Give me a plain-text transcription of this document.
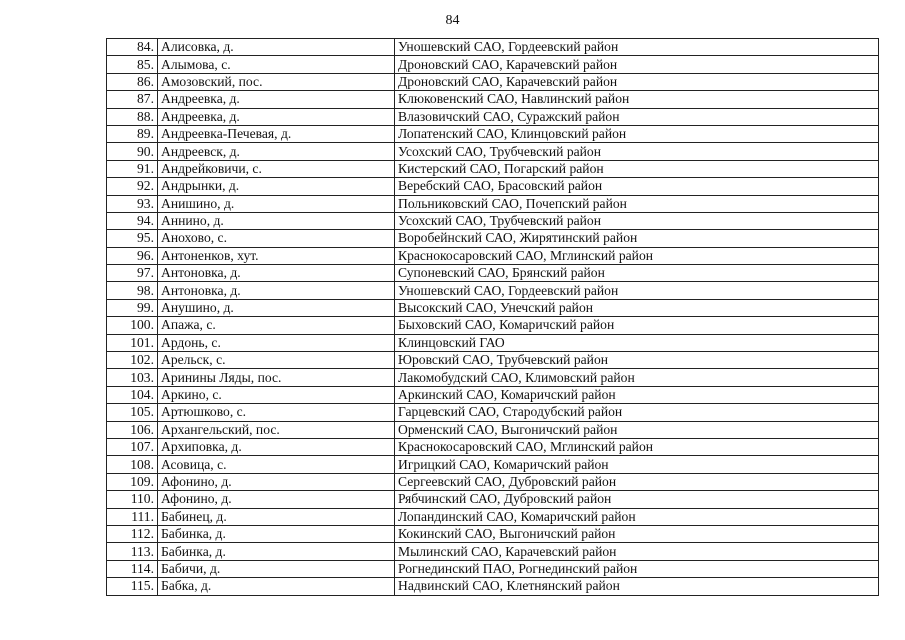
84
84.	Алисовка, д.	Уношевский САО, Гордеевский район
85.	Алымова, с.	Дроновский САО, Карачевский район
86.	Амозовский, пос.	Дроновский САО, Карачевский район
87.	Андреевка, д.	Клюковенский САО, Навлинский район
88.	Андреевка, д.	Влазовичский САО, Суражский район
89.	Андреевка-Печевая, д.	Лопатенский САО, Клинцовский район
90.	Андреевск, д.	Усохский САО, Трубчевский район
91.	Андрейковичи, с.	Кистерский САО, Погарский район
92.	Андрынки, д.	Веребский САО, Брасовский район
93.	Анишино, д.	Польниковский САО, Почепский район
94.	Аннино, д.	Усохский САО, Трубчевский район
95.	Анохово, с.	Воробейнский САО, Жирятинский район
96.	Антоненков, хут.	Краснокосаровский САО, Мглинский район
97.	Антоновка, д.	Супоневский САО, Брянский район
98.	Антоновка, д.	Уношевский САО, Гордеевский район
99.	Анушино, д.	Высокский САО, Унечский район
100.	Апажа, с.	Быховский САО, Комаричский район
101.	Ардонь, с.	Клинцовский ГАО
102.	Арельск, с.	Юровский САО, Трубчевский район
103.	Аринины Ляды, пос.	Лакомобудский САО, Климовский район
104.	Аркино, с.	Аркинский САО, Комаричский район
105.	Артюшково, с.	Гарцевский САО, Стародубский район
106.	Архангельский, пос.	Орменский САО, Выгоничский район
107.	Архиповка, д.	Краснокосаровский САО, Мглинский район
108.	Асовица, с.	Игрицкий САО, Комаричский район
109.	Афонино, д.	Сергеевский САО, Дубровский район
110.	Афонино, д.	Рябчинский САО, Дубровский район
111.	Бабинец, д.	Лопандинский САО, Комаричский район
112.	Бабинка, д.	Кокинский САО, Выгоничский район
113.	Бабинка, д.	Мылинский САО, Карачевский район
114.	Бабичи, д.	Рогнединский ПАО, Рогнединский район
115.	Бабка, д.	Надвинский САО, Клетнянский район
